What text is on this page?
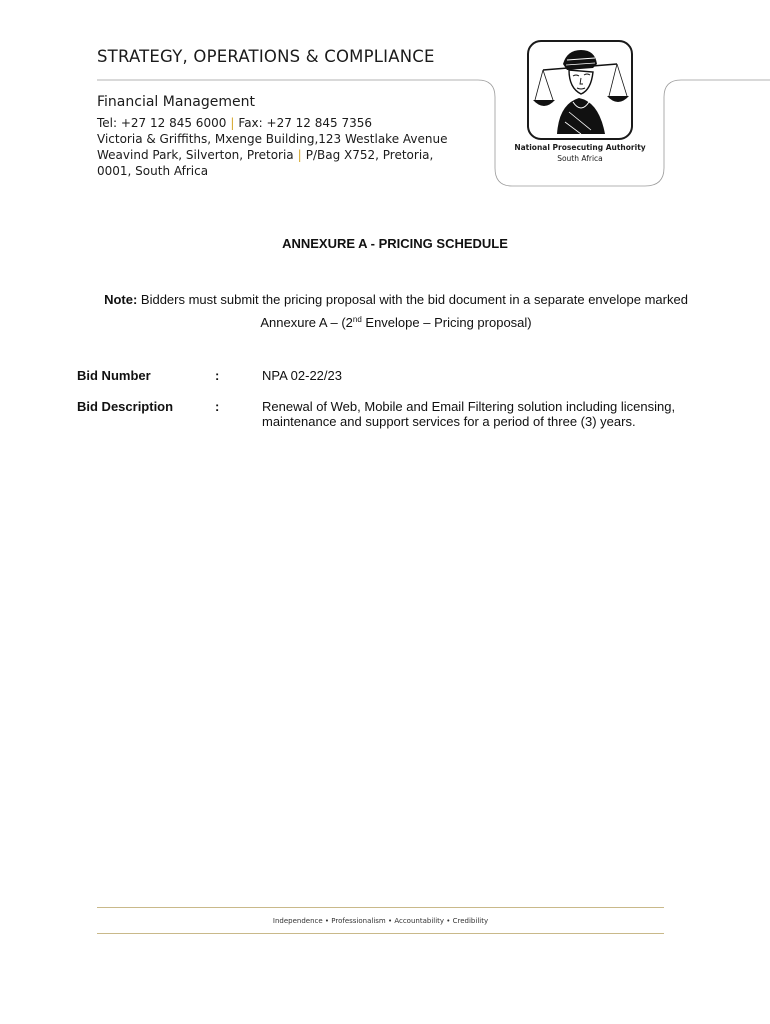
STRATEGY, OPERATIONS & COMPLIANCE
Financial Management
Tel: +27 12 845 6000 | Fax: +27 12 845 7356
Victoria & Griffiths, Mxenge Building,123 Westlake Avenue
Weavind Park, Silverton, Pretoria | P/Bag X752, Pretoria,
0001, South Africa
National Prosecuting Authority
South Africa
ANNEXURE A - PRICING SCHEDULE
Note: Bidders must submit the pricing proposal with the bid document in a separate envelope marked
Annexure A – (2nd Envelope – Pricing proposal)
Bid Number	:	NPA 02-22/23
Bid Description	:	Renewal of Web, Mobile and Email Filtering solution including licensing,
maintenance and support services for a period of three (3) years.
Independence • Professionalism • Accountability • Credibility
